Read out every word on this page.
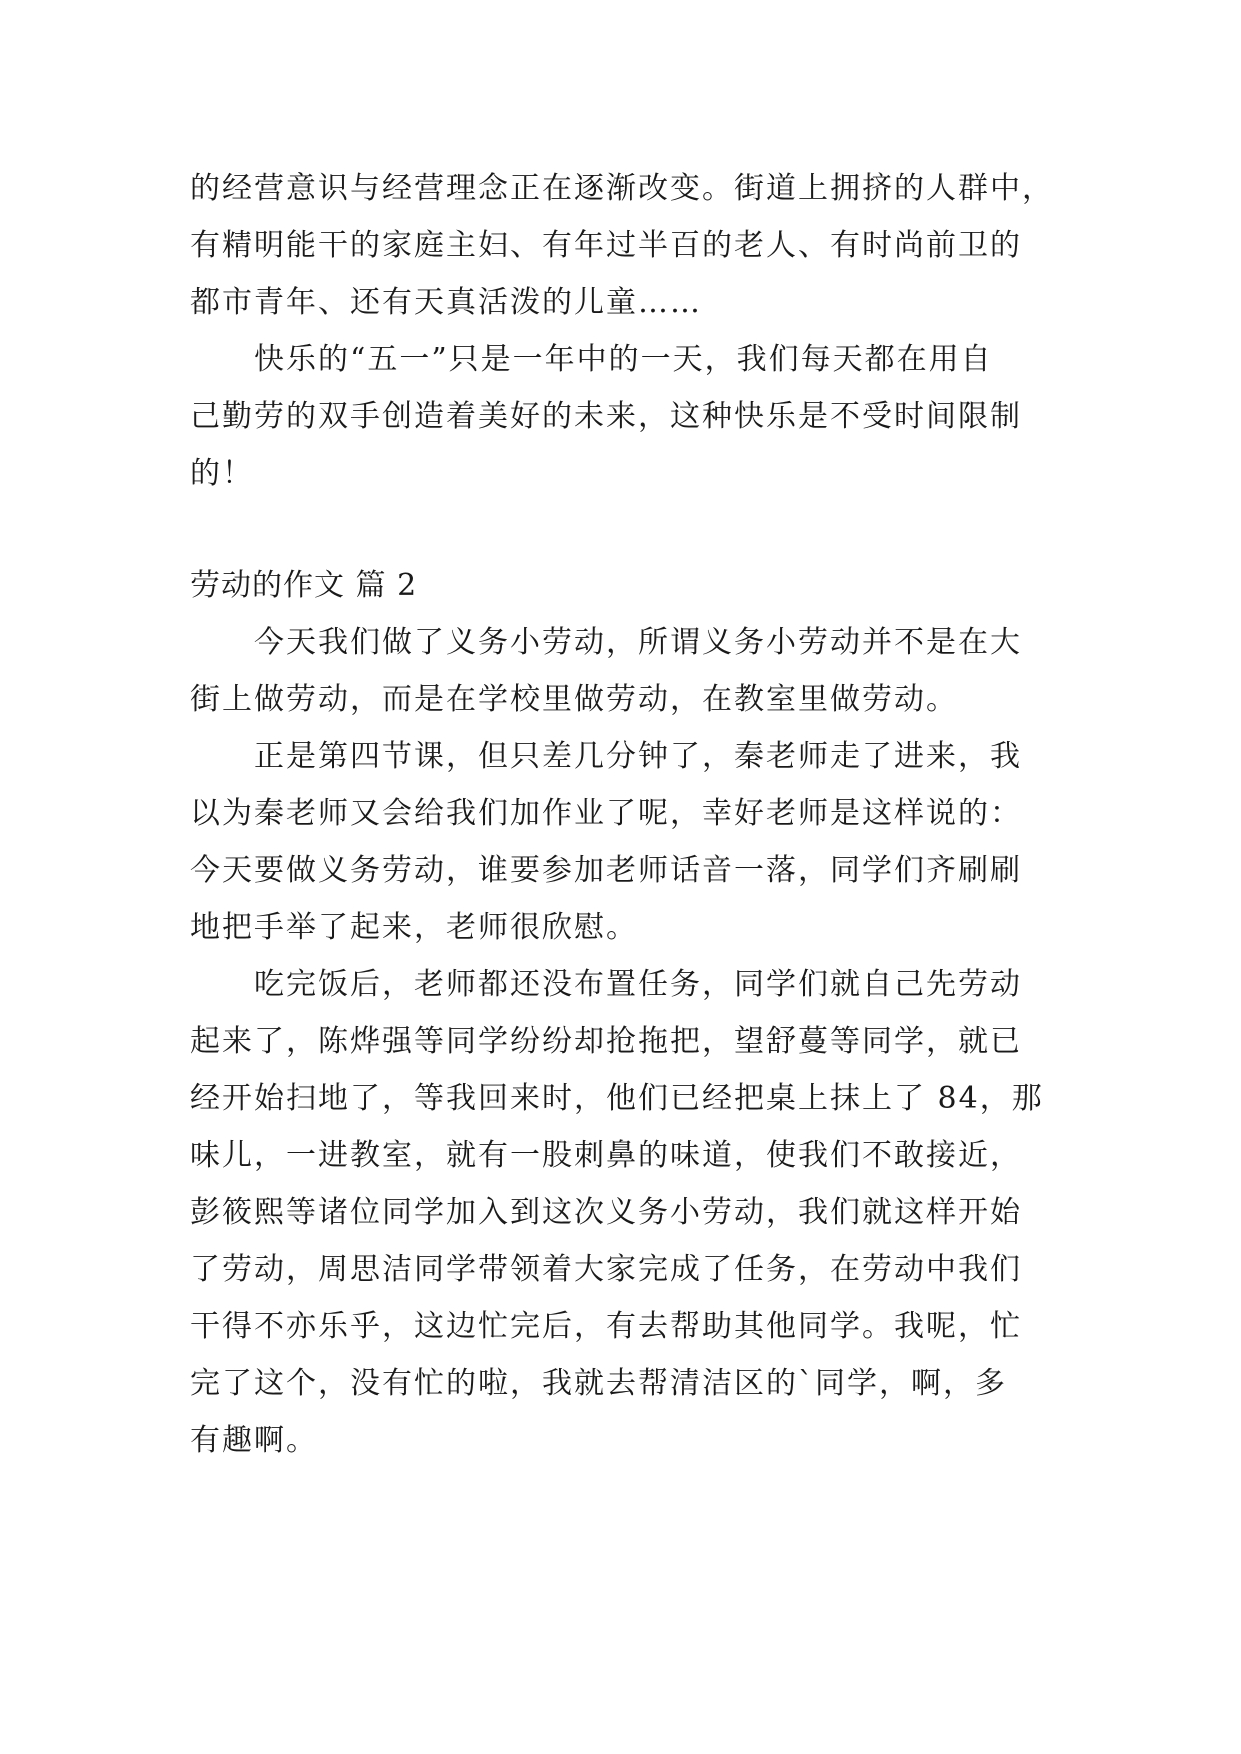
的经营意识与经营理念正在逐渐改变。街道上拥挤的人群中，
有精明能干的家庭主妇、有年过半百的老人、有时尚前卫的
都市青年、还有天真活泼的儿童……
快乐的“五一”只是一年中的一天，我们每天都在用自
己勤劳的双手创造着美好的未来，这种快乐是不受时间限制
的！
劳动的作文 篇 2
今天我们做了义务小劳动，所谓义务小劳动并不是在大
街上做劳动，而是在学校里做劳动，在教室里做劳动。
正是第四节课，但只差几分钟了，秦老师走了进来，我
以为秦老师又会给我们加作业了呢，幸好老师是这样说的：
今天要做义务劳动，谁要参加老师话音一落，同学们齐刷刷
地把手举了起来，老师很欣慰。
吃完饭后，老师都还没布置任务，同学们就自己先劳动
起来了，陈烨强等同学纷纷却抢拖把，望舒蔓等同学，就已
经开始扫地了，等我回来时，他们已经把桌上抹上了 84，那
味儿，一进教室，就有一股刺鼻的味道，使我们不敢接近，
彭筱熙等诸位同学加入到这次义务小劳动，我们就这样开始
了劳动，周思洁同学带领着大家完成了任务，在劳动中我们
干得不亦乐乎，这边忙完后，有去帮助其他同学。我呢，忙
完了这个，没有忙的啦，我就去帮清洁区的`同学，啊，多
有趣啊。
